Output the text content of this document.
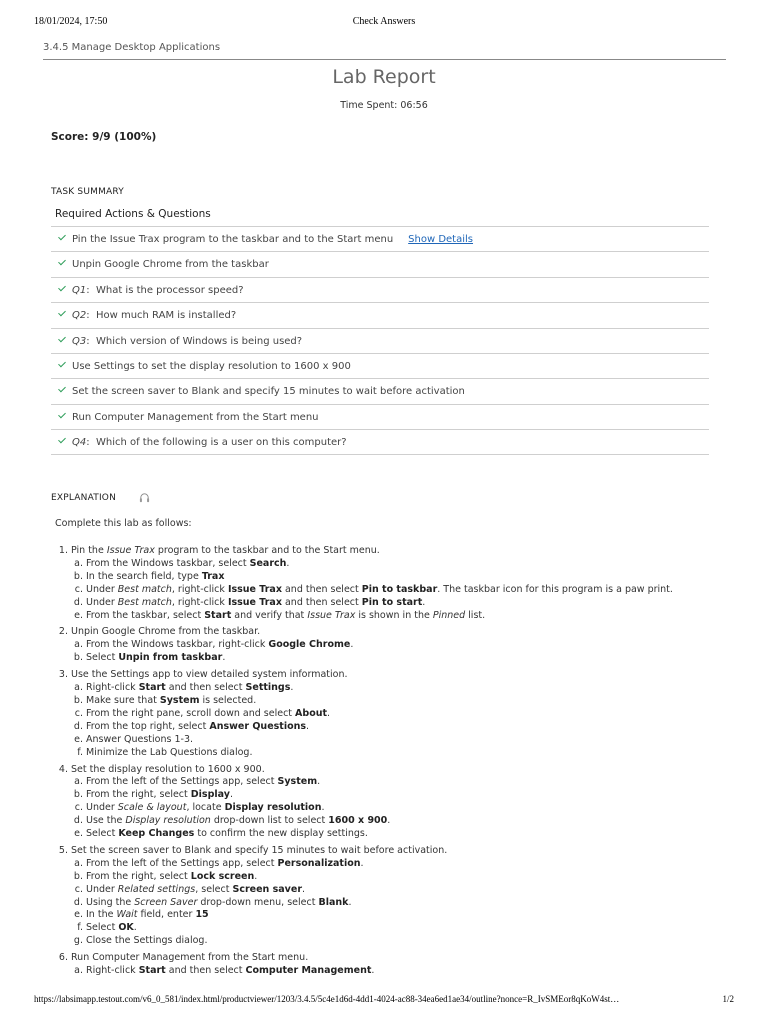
18/01/2024, 17:50	Check Answers
3.4.5 Manage Desktop Applications
Lab Report
Time Spent: 06:56
Score: 9/9 (100%)
TASK SUMMARY
Required Actions & Questions
Pin the Issue Trax program to the taskbar and to the Start menu Show Details
Unpin Google Chrome from the taskbar
Q1:  What is the processor speed?
Q2:  How much RAM is installed?
Q3:  Which version of Windows is being used?
Use Settings to set the display resolution to 1600 x 900
Set the screen saver to Blank and specify 15 minutes to wait before activation
Run Computer Management from the Start menu
Q4:  Which of the following is a user on this computer?
EXPLANATION
Complete this lab as follows:
1. Pin the Issue Trax program to the taskbar and to the Start menu.
a. From the Windows taskbar, select Search.
b. In the search field, type Trax
c. Under Best match, right-click Issue Trax and then select Pin to taskbar. The taskbar icon for this program is a paw print.
d. Under Best match, right-click Issue Trax and then select Pin to start.
e. From the taskbar, select Start and verify that Issue Trax is shown in the Pinned list.
2. Unpin Google Chrome from the taskbar.
a. From the Windows taskbar, right-click Google Chrome.
b. Select Unpin from taskbar.
3. Use the Settings app to view detailed system information.
a. Right-click Start and then select Settings.
b. Make sure that System is selected.
c. From the right pane, scroll down and select About.
d. From the top right, select Answer Questions.
e. Answer Questions 1-3.
f. Minimize the Lab Questions dialog.
4. Set the display resolution to 1600 x 900.
a. From the left of the Settings app, select System.
b. From the right, select Display.
c. Under Scale & layout, locate Display resolution.
d. Use the Display resolution drop-down list to select 1600 x 900.
e. Select Keep Changes to confirm the new display settings.
5. Set the screen saver to Blank and specify 15 minutes to wait before activation.
a. From the left of the Settings app, select Personalization.
b. From the right, select Lock screen.
c. Under Related settings, select Screen saver.
d. Using the Screen Saver drop-down menu, select Blank.
e. In the Wait field, enter 15
f. Select OK.
g. Close the Settings dialog.
6. Run Computer Management from the Start menu.
a. Right-click Start and then select Computer Management.
https://labsimapp.testout.com/v6_0_581/index.html/productviewer/1203/3.4.5/5c4e1d6d-4dd1-4024-ac88-34ea6ed1ae34/outline?nonce=R_IvSMEor8qKoW4st…	1/2
